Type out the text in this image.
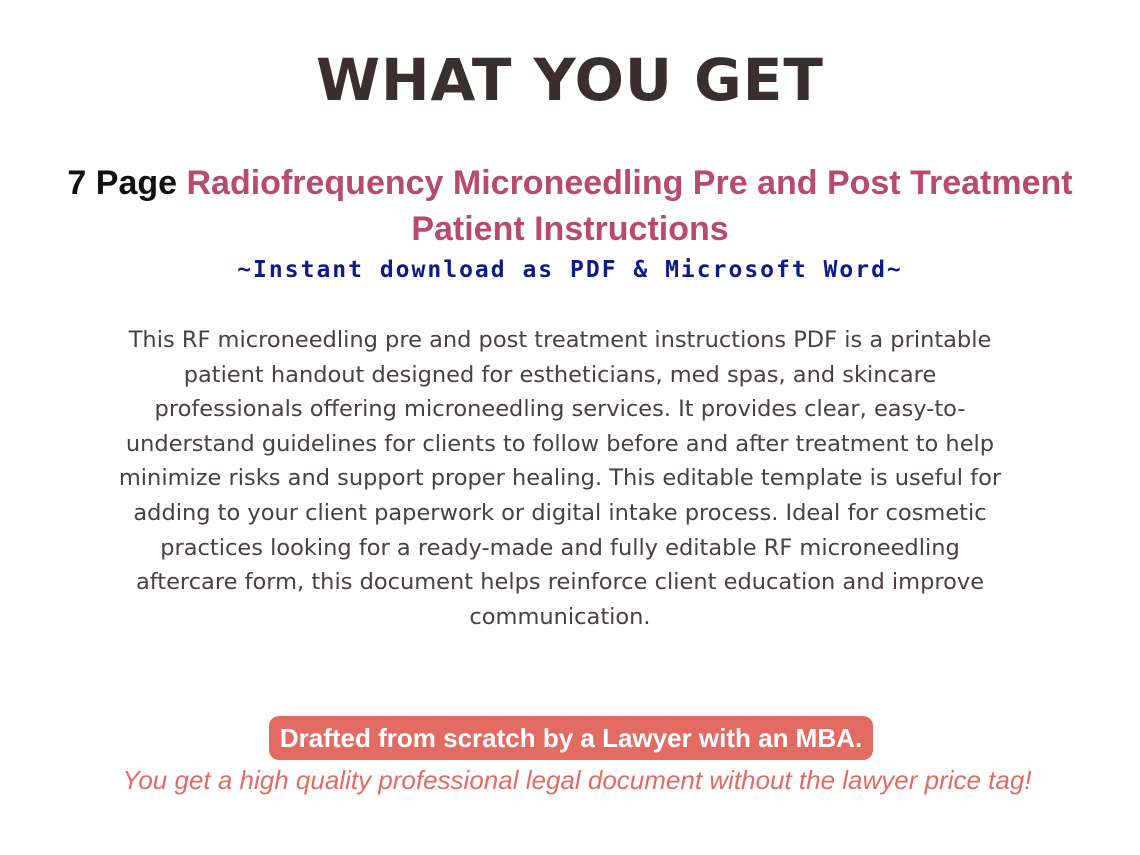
WHAT YOU GET

7 Page Radiofrequency Microneedling Pre and Post Treatment Patient Instructions

~Instant download as PDF & Microsoft Word~

This RF microneedling pre and post treatment instructions PDF is a printable patient handout designed for estheticians, med spas, and skincare professionals offering microneedling services. It provides clear, easy-to-understand guidelines for clients to follow before and after treatment to help minimize risks and support proper healing. This editable template is useful for adding to your client paperwork or digital intake process. Ideal for cosmetic practices looking for a ready-made and fully editable RF microneedling aftercare form, this document helps reinforce client education and improve communication.

Drafted from scratch by a Lawyer with an MBA.

You get a high quality professional legal document without the lawyer price tag!
